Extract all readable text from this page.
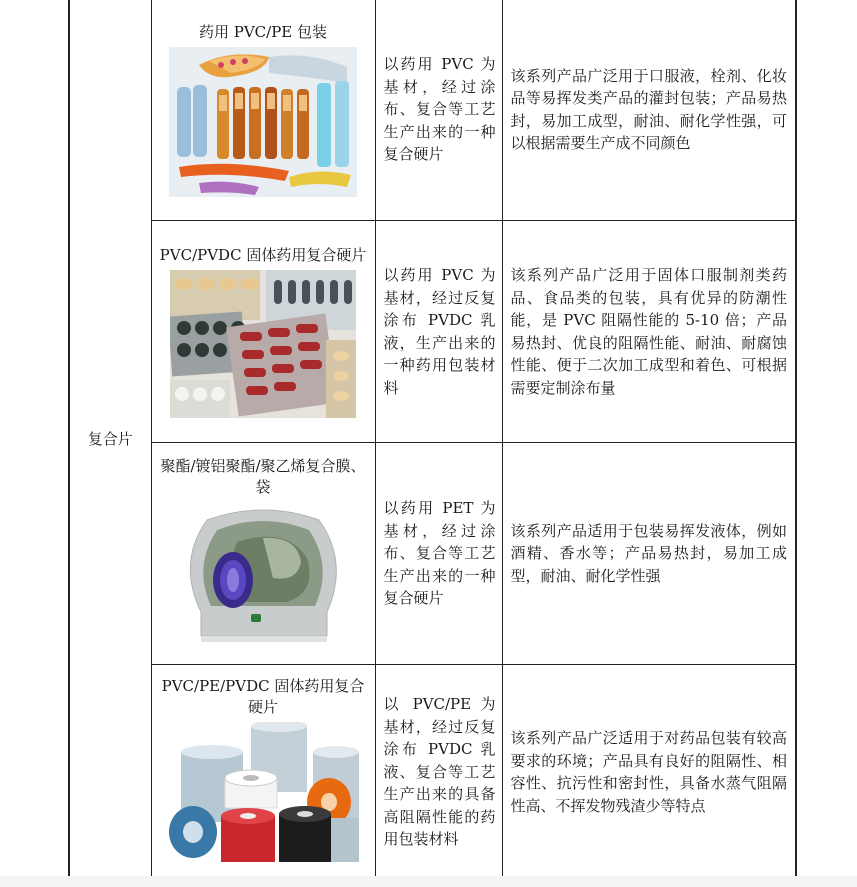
复合片	药用 PVC/PE 包装	以药用 PVC 为基材，经过涂布、复合等工艺生产出来的一种复合硬片	该系列产品广泛用于口服液，栓剂、化妆品等易挥发类产品的灌封包装；产品易热封，易加工成型，耐油、耐化学性强，可以根据需要生产成不同颜色

	PVC/PVDC 固体药用复合硬片	以药用 PVC 为基材，经过反复涂布 PVDC 乳液，生产出来的一种药用包装材料	该系列产品广泛用于固体口服制剂类药品、食品类的包装，具有优异的防潮性能，是 PVC 阻隔性能的 5-10 倍；产品易热封、优良的阻隔性能、耐油、耐腐蚀性能、便于二次加工成型和着色、可根据需要定制涂布量

	聚酯/镀铝聚酯/聚乙烯复合膜、袋	以药用 PET 为基材，经过涂布、复合等工艺生产出来的一种复合硬片	该系列产品适用于包装易挥发液体，例如酒精、香水等；产品易热封，易加工成型，耐油、耐化学性强

	PVC/PE/PVDC 固体药用复合硬片	以 PVC/PE 为基材，经过反复涂布 PVDC 乳液、复合等工艺生产出来的具备高阻隔性能的药用包装材料	该系列产品广泛适用于对药品包装有较高要求的环境；产品具有良好的阻隔性、相容性、抗污性和密封性，具备水蒸气阻隔性高、不挥发物残渣少等特点
